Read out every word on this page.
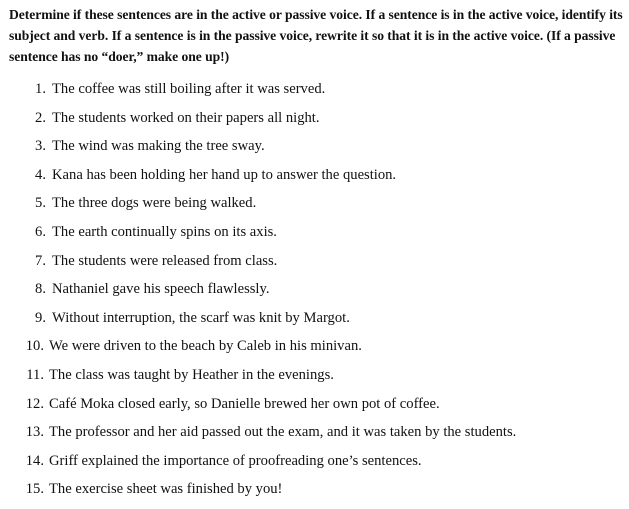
Determine if these sentences are in the active or passive voice. If a sentence is in the active voice, identify its subject and verb. If a sentence is in the passive voice, rewrite it so that it is in the active voice. (If a passive sentence has no “doer,” make one up!)

1. The coffee was still boiling after it was served.
2. The students worked on their papers all night.
3. The wind was making the tree sway.
4. Kana has been holding her hand up to answer the question.
5. The three dogs were being walked.
6. The earth continually spins on its axis.
7. The students were released from class.
8. Nathaniel gave his speech flawlessly.
9. Without interruption, the scarf was knit by Margot.
10. We were driven to the beach by Caleb in his minivan.
11. The class was taught by Heather in the evenings.
12. Café Moka closed early, so Danielle brewed her own pot of coffee.
13. The professor and her aid passed out the exam, and it was taken by the students.
14. Griff explained the importance of proofreading one’s sentences.
15. The exercise sheet was finished by you!
